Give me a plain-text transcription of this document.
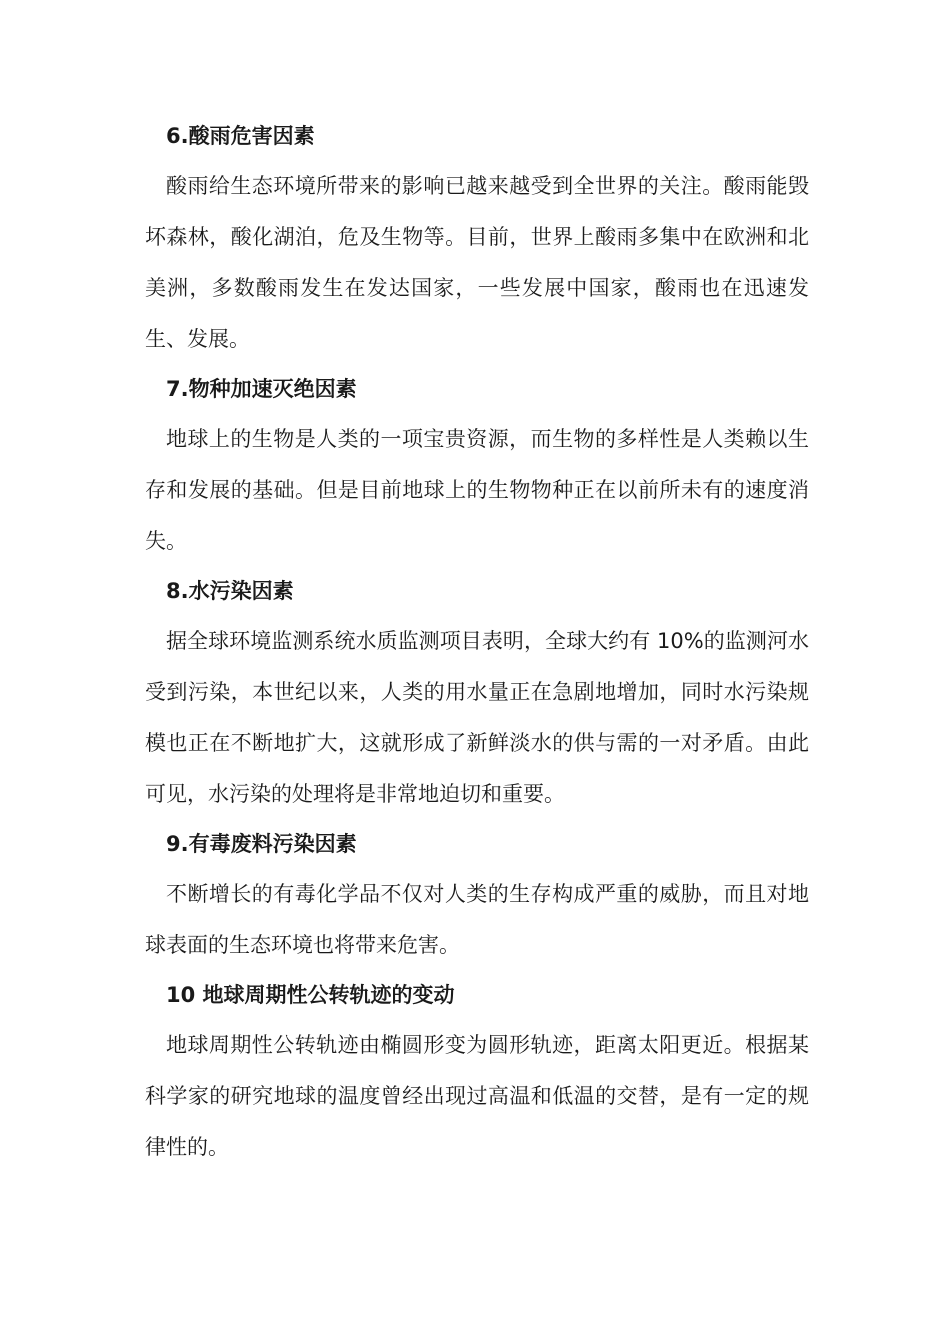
6.酸雨危害因素

酸雨给生态环境所带来的影响已越来越受到全世界的关注。酸雨能毁坏森林，酸化湖泊，危及生物等。目前，世界上酸雨多集中在欧洲和北美洲，多数酸雨发生在发达国家，一些发展中国家，酸雨也在迅速发生、发展。

7.物种加速灭绝因素

地球上的生物是人类的一项宝贵资源，而生物的多样性是人类赖以生存和发展的基础。但是目前地球上的生物物种正在以前所未有的速度消失。

8.水污染因素

据全球环境监测系统水质监测项目表明，全球大约有 10%的监测河水受到污染，本世纪以来，人类的用水量正在急剧地增加，同时水污染规模也正在不断地扩大，这就形成了新鲜淡水的供与需的一对矛盾。由此可见，水污染的处理将是非常地迫切和重要。

9.有毒废料污染因素

不断增长的有毒化学品不仅对人类的生存构成严重的威胁，而且对地球表面的生态环境也将带来危害。

10 地球周期性公转轨迹的变动

地球周期性公转轨迹由椭圆形变为圆形轨迹，距离太阳更近。根据某科学家的研究地球的温度曾经出现过高温和低温的交替，是有一定的规律性的。
